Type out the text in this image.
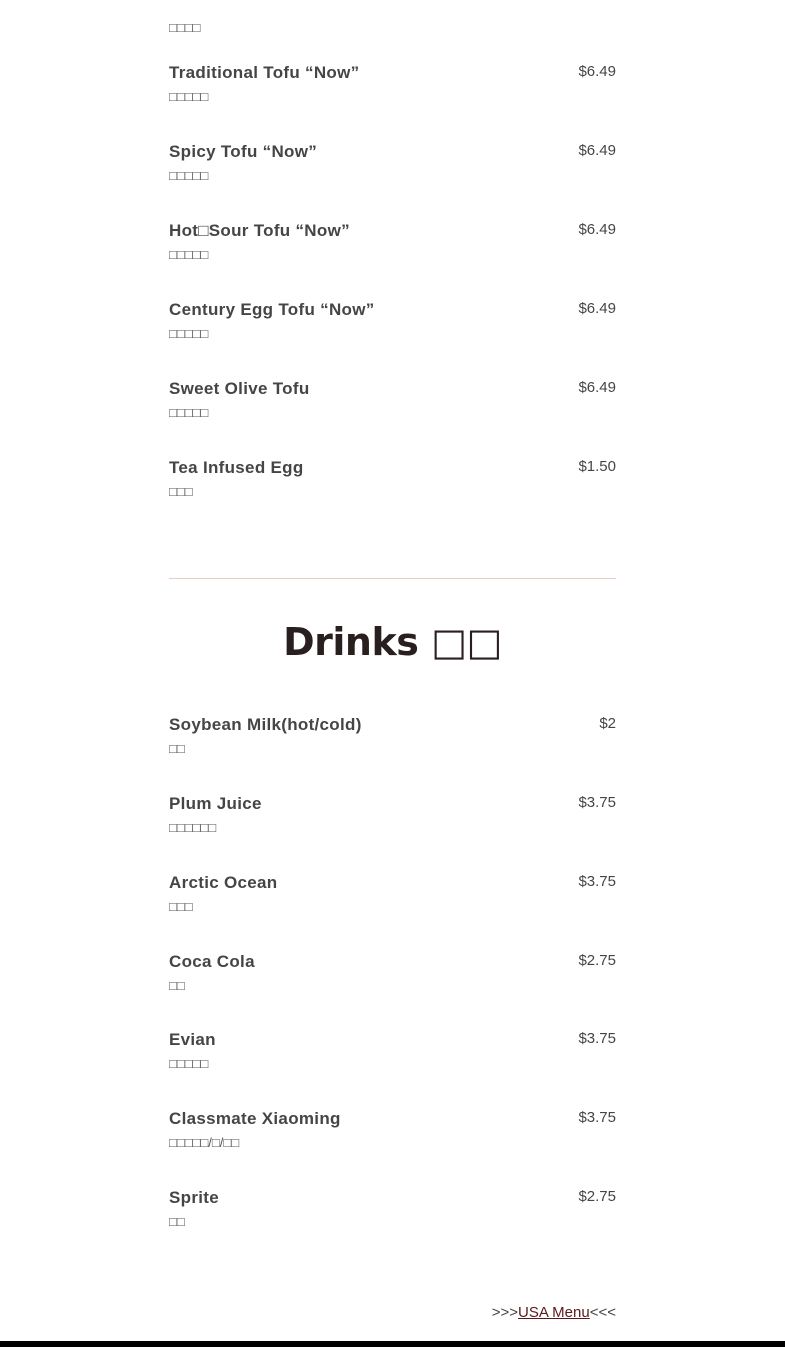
□□□□
Traditional Tofu “Now”	$6.49
□□□□□
Spicy Tofu “Now”	$6.49
□□□□□
Hot□Sour Tofu “Now”	$6.49
□□□□□
Century Egg Tofu “Now”	$6.49
□□□□□
Sweet Olive Tofu	$6.49
□□□□□
Tea Infused Egg	$1.50
□□□
Drinks □□
Soybean Milk(hot/cold)	$2
□□
Plum Juice	$3.75
□□□□□□
Arctic Ocean	$3.75
□□□
Coca Cola	$2.75
□□
Evian	$3.75
□□□□□
Classmate Xiaoming	$3.75
□□□□□/□/□□
Sprite	$2.75
□□
>>>USA Menu<<<
